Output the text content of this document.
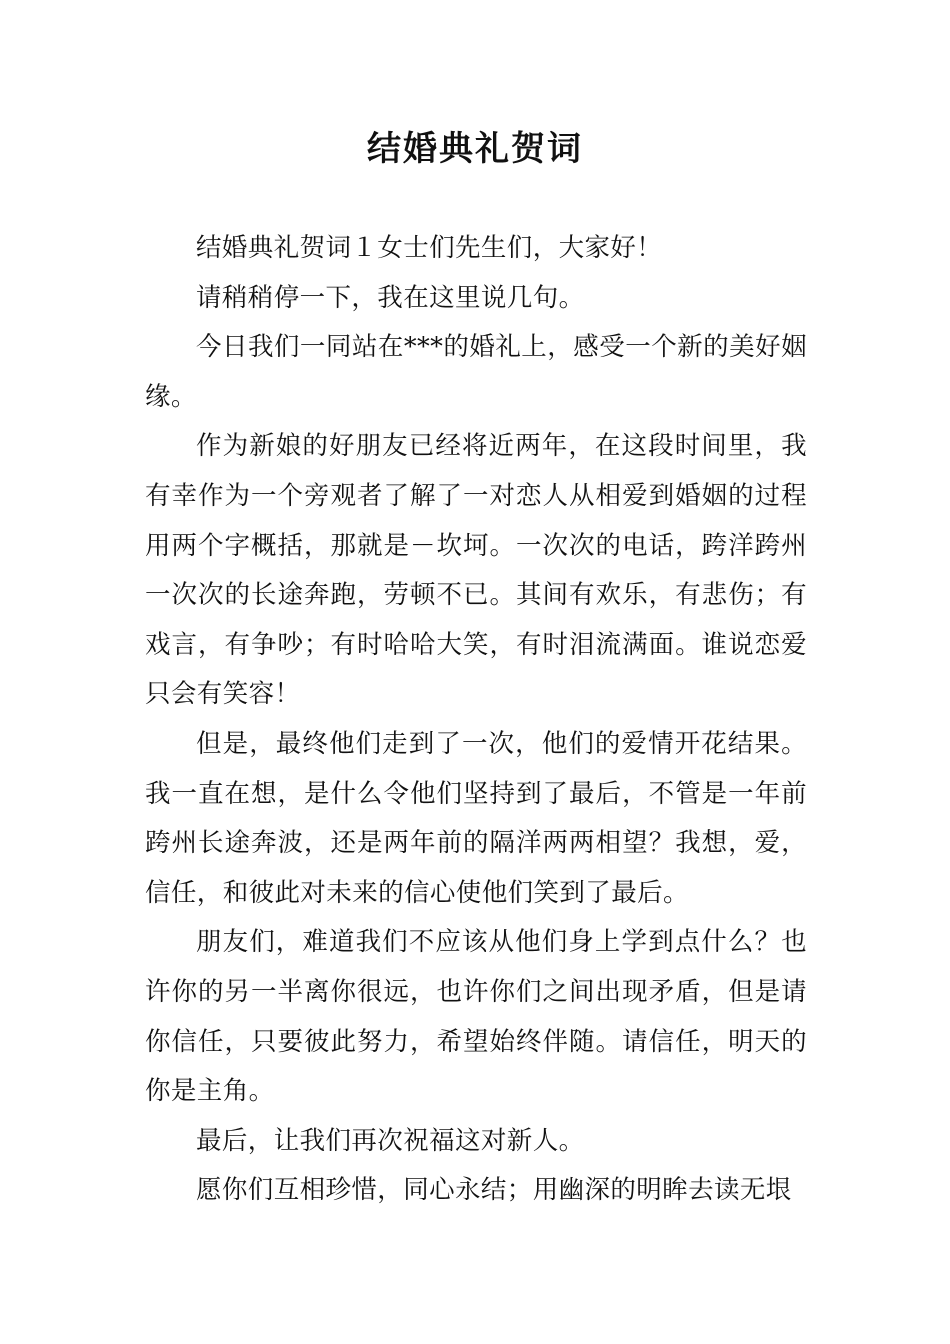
结婚典礼贺词

结婚典礼贺词１女士们先生们，大家好！

请稍稍停一下，我在这里说几句。

今日我们一同站在***的婚礼上，感受一个新的美好姻缘。

作为新娘的好朋友已经将近两年，在这段时间里，我有幸作为一个旁观者了解了一对恋人从相爱到婚姻的过程用两个字概括，那就是－坎坷。一次次的电话，跨洋跨州一次次的长途奔跑，劳顿不已。其间有欢乐，有悲伤；有戏言，有争吵；有时哈哈大笑，有时泪流满面。谁说恋爱只会有笑容！

但是，最终他们走到了一次，他们的爱情开花结果。我一直在想，是什么令他们坚持到了最后，不管是一年前跨州长途奔波，还是两年前的隔洋两两相望？我想，爱，信任，和彼此对未来的信心使他们笑到了最后。

朋友们，难道我们不应该从他们身上学到点什么？也许你的另一半离你很远，也许你们之间出现矛盾，但是请你信任，只要彼此努力，希望始终伴随。请信任，明天的你是主角。

最后，让我们再次祝福这对新人。

愿你们互相珍惜，同心永结；用幽深的明眸去读无垠
